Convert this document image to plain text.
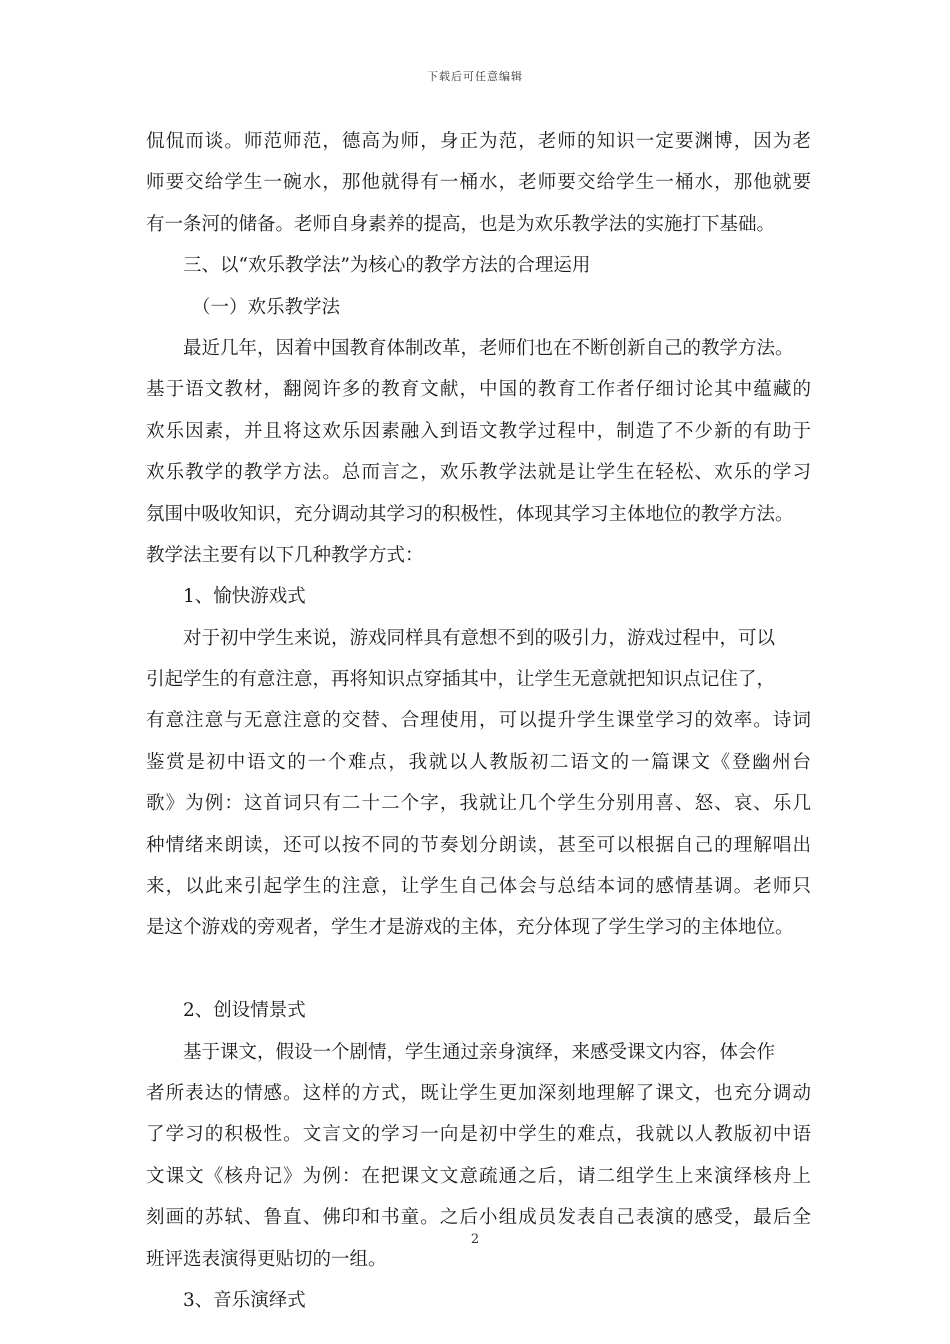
下载后可任意编辑
侃侃而谈。师范师范，德高为师，身正为范，老师的知识一定要渊博，因为老
师要交给学生一碗水，那他就得有一桶水，老师要交给学生一桶水，那他就要
有一条河的储备。老师自身素养的提高，也是为欢乐教学法的实施打下基础。
三、以“欢乐教学法”为核心的教学方法的合理运用
（一）欢乐教学法
最近几年，因着中国教育体制改革，老师们也在不断创新自己的教学方法。
基于语文教材，翻阅许多的教育文献，中国的教育工作者仔细讨论其中蕴藏的
欢乐因素，并且将这欢乐因素融入到语文教学过程中，制造了不少新的有助于
欢乐教学的教学方法。总而言之，欢乐教学法就是让学生在轻松、欢乐的学习
氛围中吸收知识，充分调动其学习的积极性，体现其学习主体地位的教学方法。
教学法主要有以下几种教学方式：
1、愉快游戏式
对于初中学生来说，游戏同样具有意想不到的吸引力，游戏过程中，可以
引起学生的有意注意，再将知识点穿插其中，让学生无意就把知识点记住了，
有意注意与无意注意的交替、合理使用，可以提升学生课堂学习的效率。诗词
鉴赏是初中语文的一个难点，我就以人教版初二语文的一篇课文《登幽州台
歌》为例：这首词只有二十二个字，我就让几个学生分别用喜、怒、哀、乐几
种情绪来朗读，还可以按不同的节奏划分朗读，甚至可以根据自己的理解唱出
来，以此来引起学生的注意，让学生自己体会与总结本词的感情基调。老师只
是这个游戏的旁观者，学生才是游戏的主体，充分体现了学生学习的主体地位。
2、创设情景式
基于课文，假设一个剧情，学生通过亲身演绎，来感受课文内容，体会作
者所表达的情感。这样的方式，既让学生更加深刻地理解了课文，也充分调动
了学习的积极性。文言文的学习一向是初中学生的难点，我就以人教版初中语
文课文《核舟记》为例：在把课文文意疏通之后，请二组学生上来演绎核舟上
刻画的苏轼、鲁直、佛印和书童。之后小组成员发表自己表演的感受，最后全
班评选表演得更贴切的一组。
3、音乐演绎式
2
